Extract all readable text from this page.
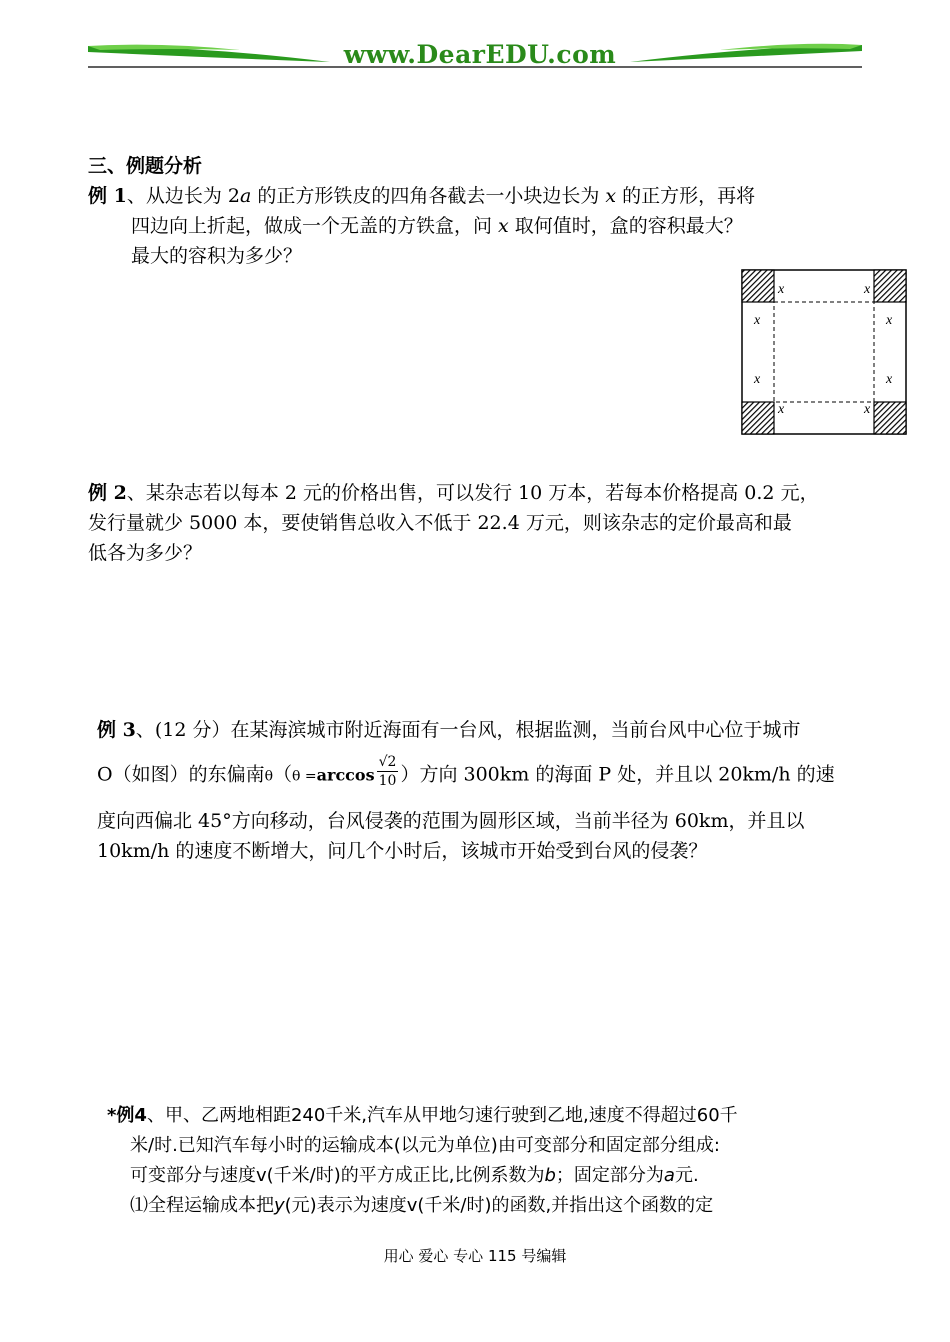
www.DearEDU.com
三、例题分析
例 1、从边长为 2a 的正方形铁皮的四角各截去一小块边长为 x 的正方形，再将
四边向上折起，做成一个无盖的方铁盒，问 x 取何值时，盒的容积最大？
最大的容积为多少？
x	x
x	x
x	x
x	x
例 2、某杂志若以每本 2 元的价格出售，可以发行 10 万本，若每本价格提高 0.2 元，
发行量就少 5000 本，要使销售总收入不低于 22.4 万元，则该杂志的定价最高和最
低各为多少？
例 3、(12 分）在某海滨城市附近海面有一台风，根据监测，当前台风中心位于城市
O（如图）的东偏南$\theta(\theta =\arccos \frac{√2}{10}$ ）方向 300km 的海面 P 处，并且以 20km/h 的速
度向西偏北 45°方向移动，台风侵袭的范围为圆形区域，当前半径为 60km，并且以
10km/h 的速度不断增大，问几个小时后，该城市开始受到台风的侵袭？
*例4、甲、乙两地相距240千米,汽车从甲地匀速行驶到乙地,速度不得超过60千
米/时.已知汽车每小时的运输成本(以元为单位)由可变部分和固定部分组成:
可变部分与速度v(千米/时)的平方成正比,比例系数为b；固定部分为a元.
⑴全程运输成本把y(元)表示为速度v(千米/时)的函数,并指出这个函数的定
用心 爱心 专心 115 号编辑
